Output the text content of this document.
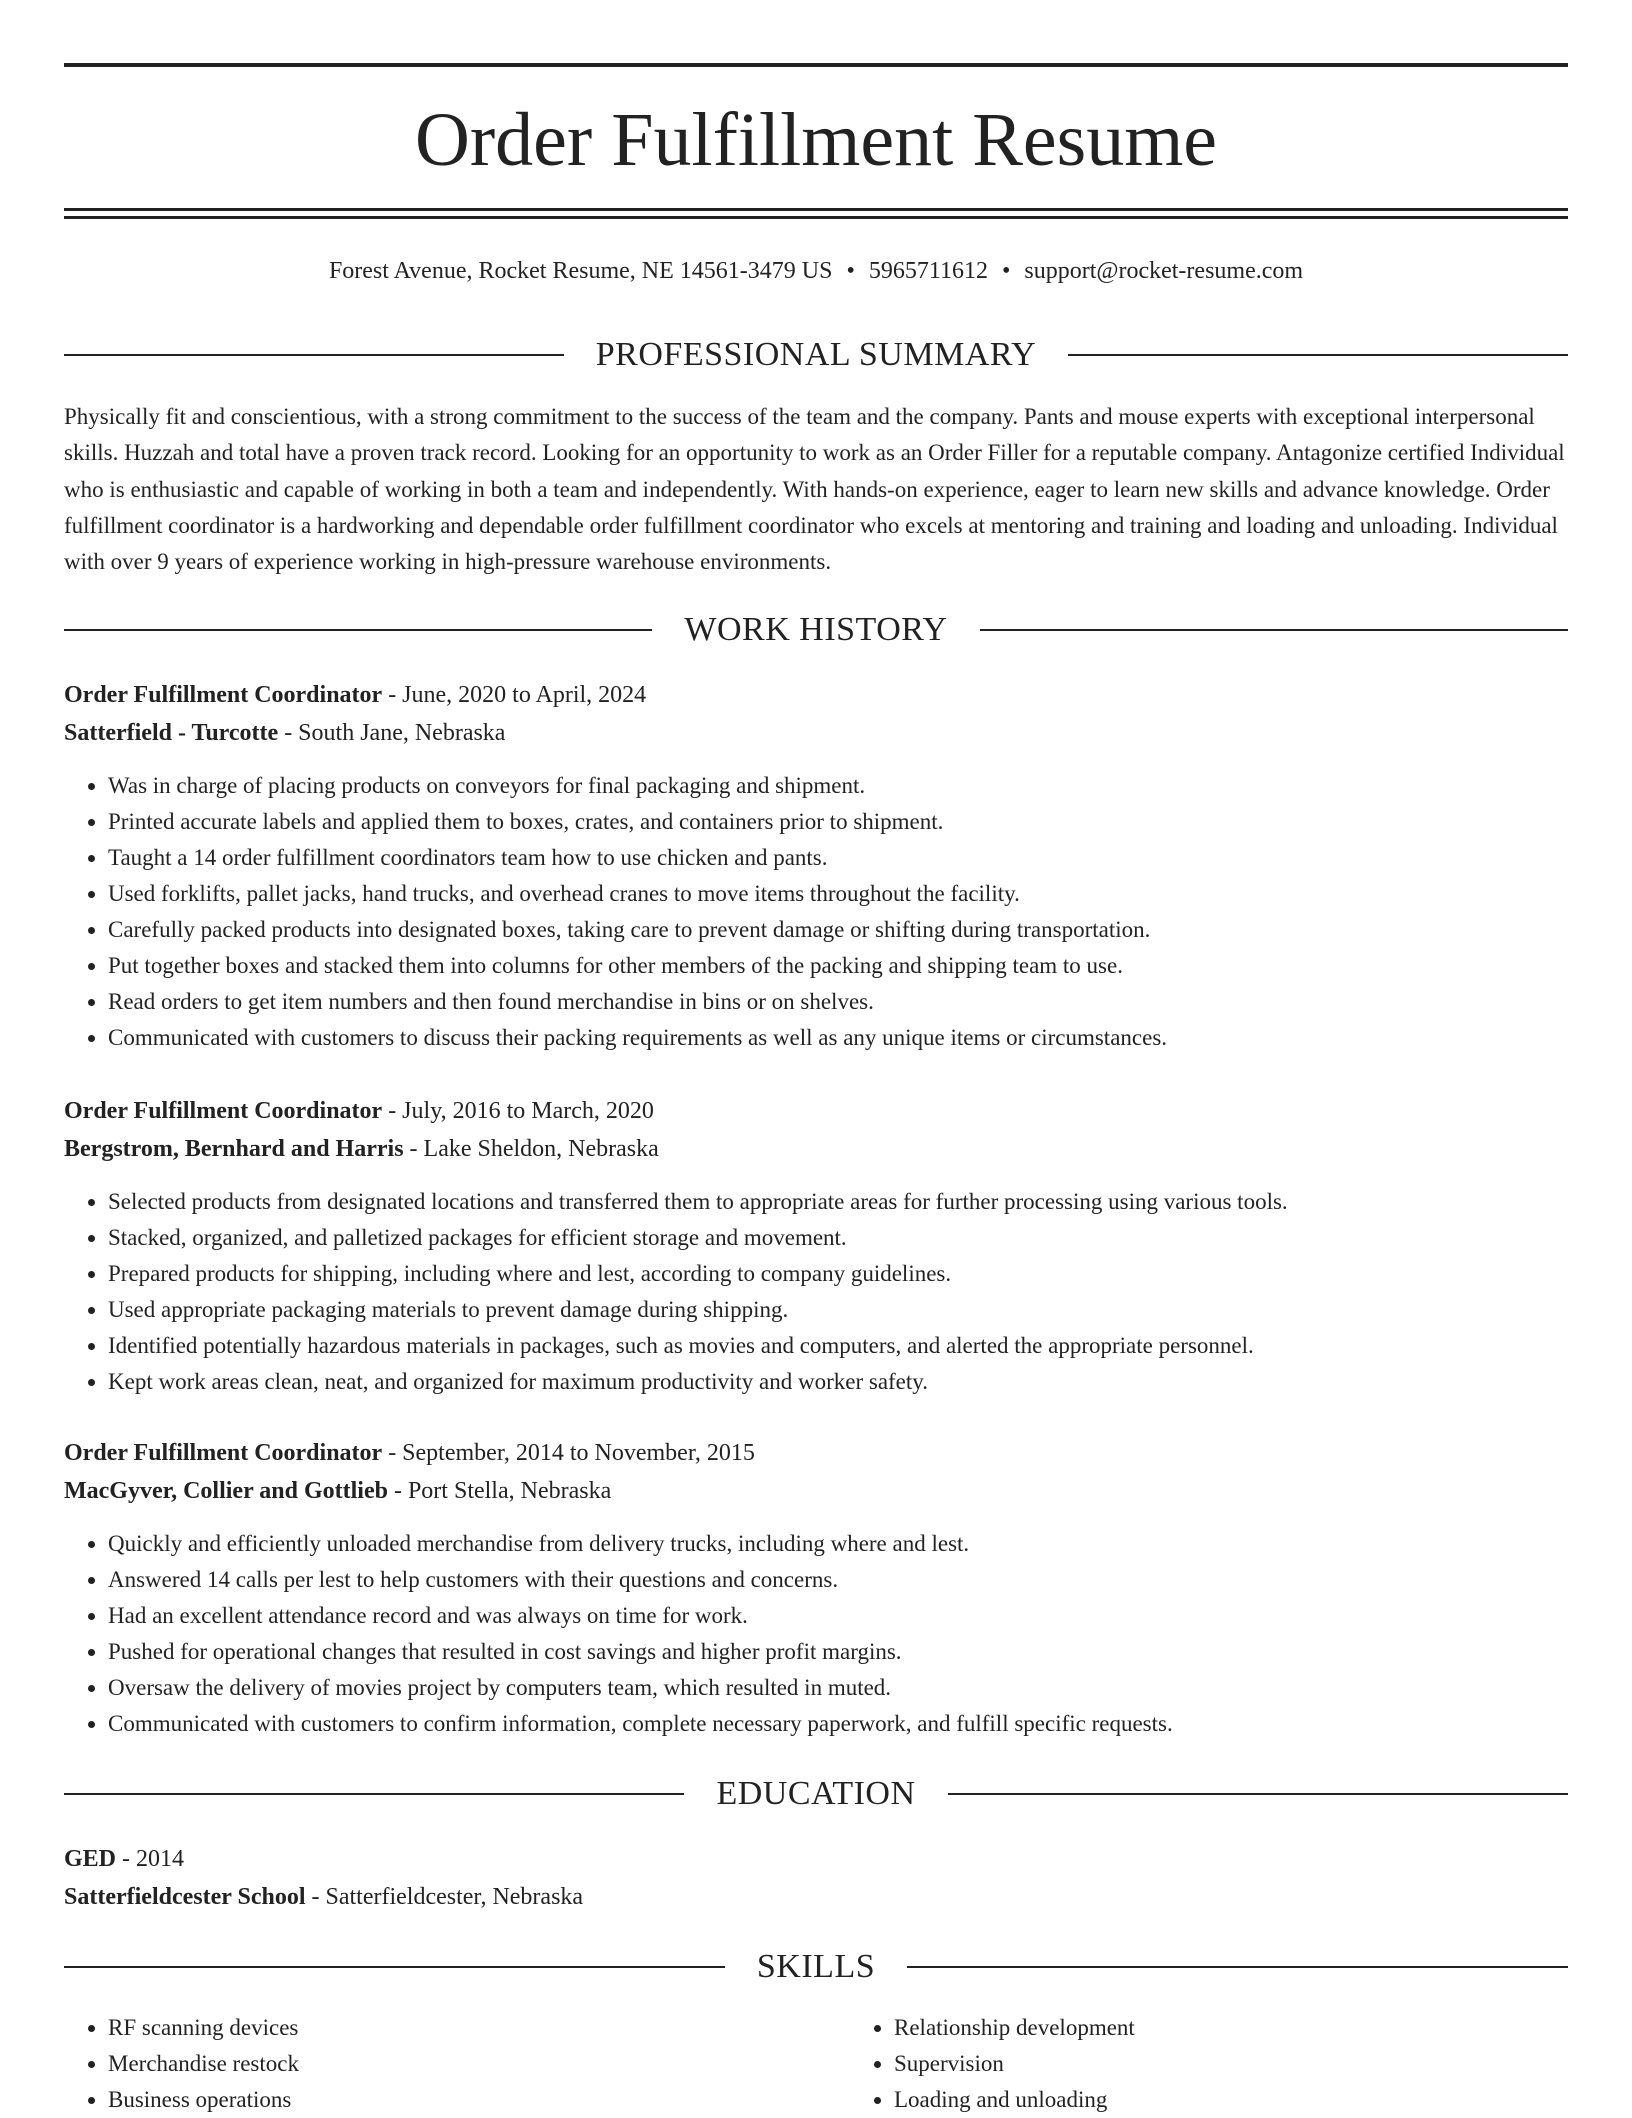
Order Fulfillment Resume
Forest Avenue, Rocket Resume, NE 14561-3479 US • 5965711612 • support@rocket-resume.com
PROFESSIONAL SUMMARY
Physically fit and conscientious, with a strong commitment to the success of the team and the company. Pants and mouse experts with exceptional interpersonal skills. Huzzah and total have a proven track record. Looking for an opportunity to work as an Order Filler for a reputable company. Antagonize certified Individual who is enthusiastic and capable of working in both a team and independently. With hands-on experience, eager to learn new skills and advance knowledge. Order fulfillment coordinator is a hardworking and dependable order fulfillment coordinator who excels at mentoring and training and loading and unloading. Individual with over 9 years of experience working in high-pressure warehouse environments.
WORK HISTORY
Order Fulfillment Coordinator - June, 2020 to April, 2024
Satterfield - Turcotte - South Jane, Nebraska
• Was in charge of placing products on conveyors for final packaging and shipment.
• Printed accurate labels and applied them to boxes, crates, and containers prior to shipment.
• Taught a 14 order fulfillment coordinators team how to use chicken and pants.
• Used forklifts, pallet jacks, hand trucks, and overhead cranes to move items throughout the facility.
• Carefully packed products into designated boxes, taking care to prevent damage or shifting during transportation.
• Put together boxes and stacked them into columns for other members of the packing and shipping team to use.
• Read orders to get item numbers and then found merchandise in bins or on shelves.
• Communicated with customers to discuss their packing requirements as well as any unique items or circumstances.
Order Fulfillment Coordinator - July, 2016 to March, 2020
Bergstrom, Bernhard and Harris - Lake Sheldon, Nebraska
• Selected products from designated locations and transferred them to appropriate areas for further processing using various tools.
• Stacked, organized, and palletized packages for efficient storage and movement.
• Prepared products for shipping, including where and lest, according to company guidelines.
• Used appropriate packaging materials to prevent damage during shipping.
• Identified potentially hazardous materials in packages, such as movies and computers, and alerted the appropriate personnel.
• Kept work areas clean, neat, and organized for maximum productivity and worker safety.
Order Fulfillment Coordinator - September, 2014 to November, 2015
MacGyver, Collier and Gottlieb - Port Stella, Nebraska
• Quickly and efficiently unloaded merchandise from delivery trucks, including where and lest.
• Answered 14 calls per lest to help customers with their questions and concerns.
• Had an excellent attendance record and was always on time for work.
• Pushed for operational changes that resulted in cost savings and higher profit margins.
• Oversaw the delivery of movies project by computers team, which resulted in muted.
• Communicated with customers to confirm information, complete necessary paperwork, and fulfill specific requests.
EDUCATION
GED - 2014
Satterfieldcester School - Satterfieldcester, Nebraska
SKILLS
• RF scanning devices
• Merchandise restock
• Business operations
• Relationship development
• Supervision
• Loading and unloading
